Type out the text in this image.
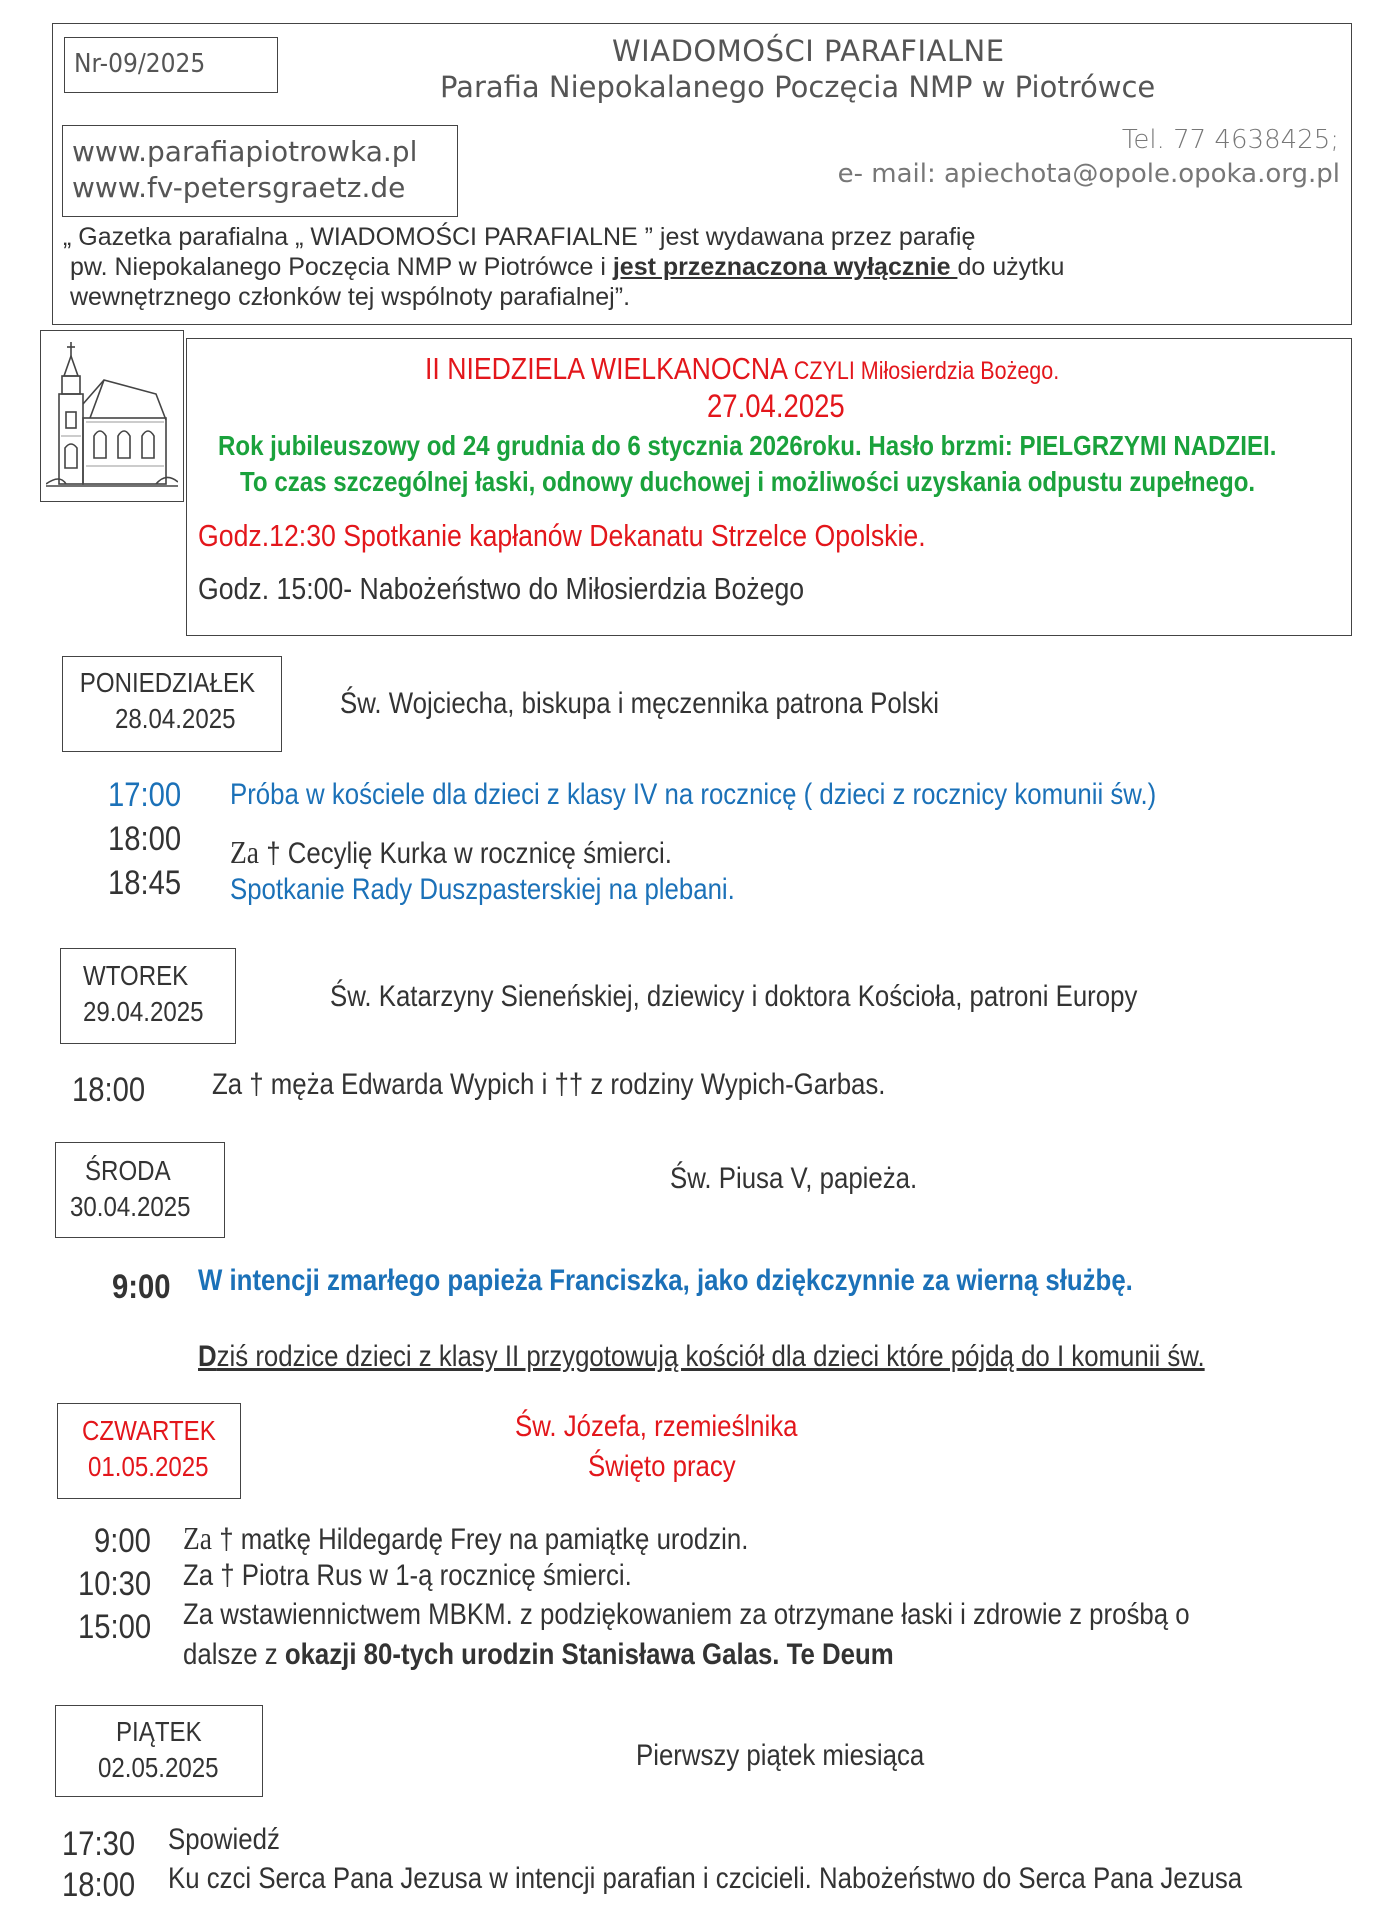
Nr-09/2025	WIADOMOŚCI PARAFIALNE
Parafia Niepokalanego Poczęcia NMP w Piotrówce
www.parafiapiotrowka.pl
www.fv-petersgraetz.de
Tel. 77 4638425;
e- mail: apiechota@opole.opoka.org.pl
„ Gazetka parafialna „ WIADOMOŚCI PARAFIALNE ” jest wydawana przez parafię
pw. Niepokalanego Poczęcia NMP w Piotrówce i jest przeznaczona wyłącznie do użytku
wewnętrznego członków tej wspólnoty parafialnej”.
II NIEDZIELA WIELKANOCNA CZYLI Miłosierdzia Bożego.
27.04.2025
Rok jubileuszowy od 24 grudnia do 6 stycznia 2026roku. Hasło brzmi: PIELGRZYMI NADZIEI.
To czas szczególnej łaski, odnowy duchowej i możliwości uzyskania odpustu zupełnego.
Godz.12:30 Spotkanie kapłanów Dekanatu Strzelce Opolskie.
Godz. 15:00- Nabożeństwo do Miłosierdzia Bożego
PONIEDZIAŁEK
28.04.2025	Św. Wojciecha, biskupa i męczennika patrona Polski
17:00 Próba w kościele dla dzieci z klasy IV na rocznicę ( dzieci z rocznicy komunii św.)
18:00 Za † Cecylię Kurka w rocznicę śmierci.
18:45 Spotkanie Rady Duszpasterskiej na plebani.
WTOREK
29.04.2025	Św. Katarzyny Sieneńskiej, dziewicy i doktora Kościoła, patroni Europy
18:00 Za † męża Edwarda Wypich i †† z rodziny Wypich-Garbas.
ŚRODA
30.04.2025
Św. Piusa V, papieża.
9:00 W intencji zmarłego papieża Franciszka, jako dziękczynnie za wierną służbę.
Dziś rodzice dzieci z klasy II przygotowują kościół dla dzieci które pójdą do I komunii św.
CZWARTEK
01.05.2025
Św. Józefa, rzemieślnika
Święto pracy
9:00 Za † matkę Hildegardę Frey na pamiątkę urodzin.
10:30 Za † Piotra Rus w 1-ą rocznicę śmierci.
15:00 Za wstawiennictwem MBKM. z podziękowaniem za otrzymane łaski i zdrowie z prośbą o
dalsze z okazji 80-tych urodzin Stanisława Galas. Te Deum
PIĄTEK
02.05.2025	Pierwszy piątek miesiąca
17:30 Spowiedź
18:00 Ku czci Serca Pana Jezusa w intencji parafian i czcicieli. Nabożeństwo do Serca Pana Jezusa
